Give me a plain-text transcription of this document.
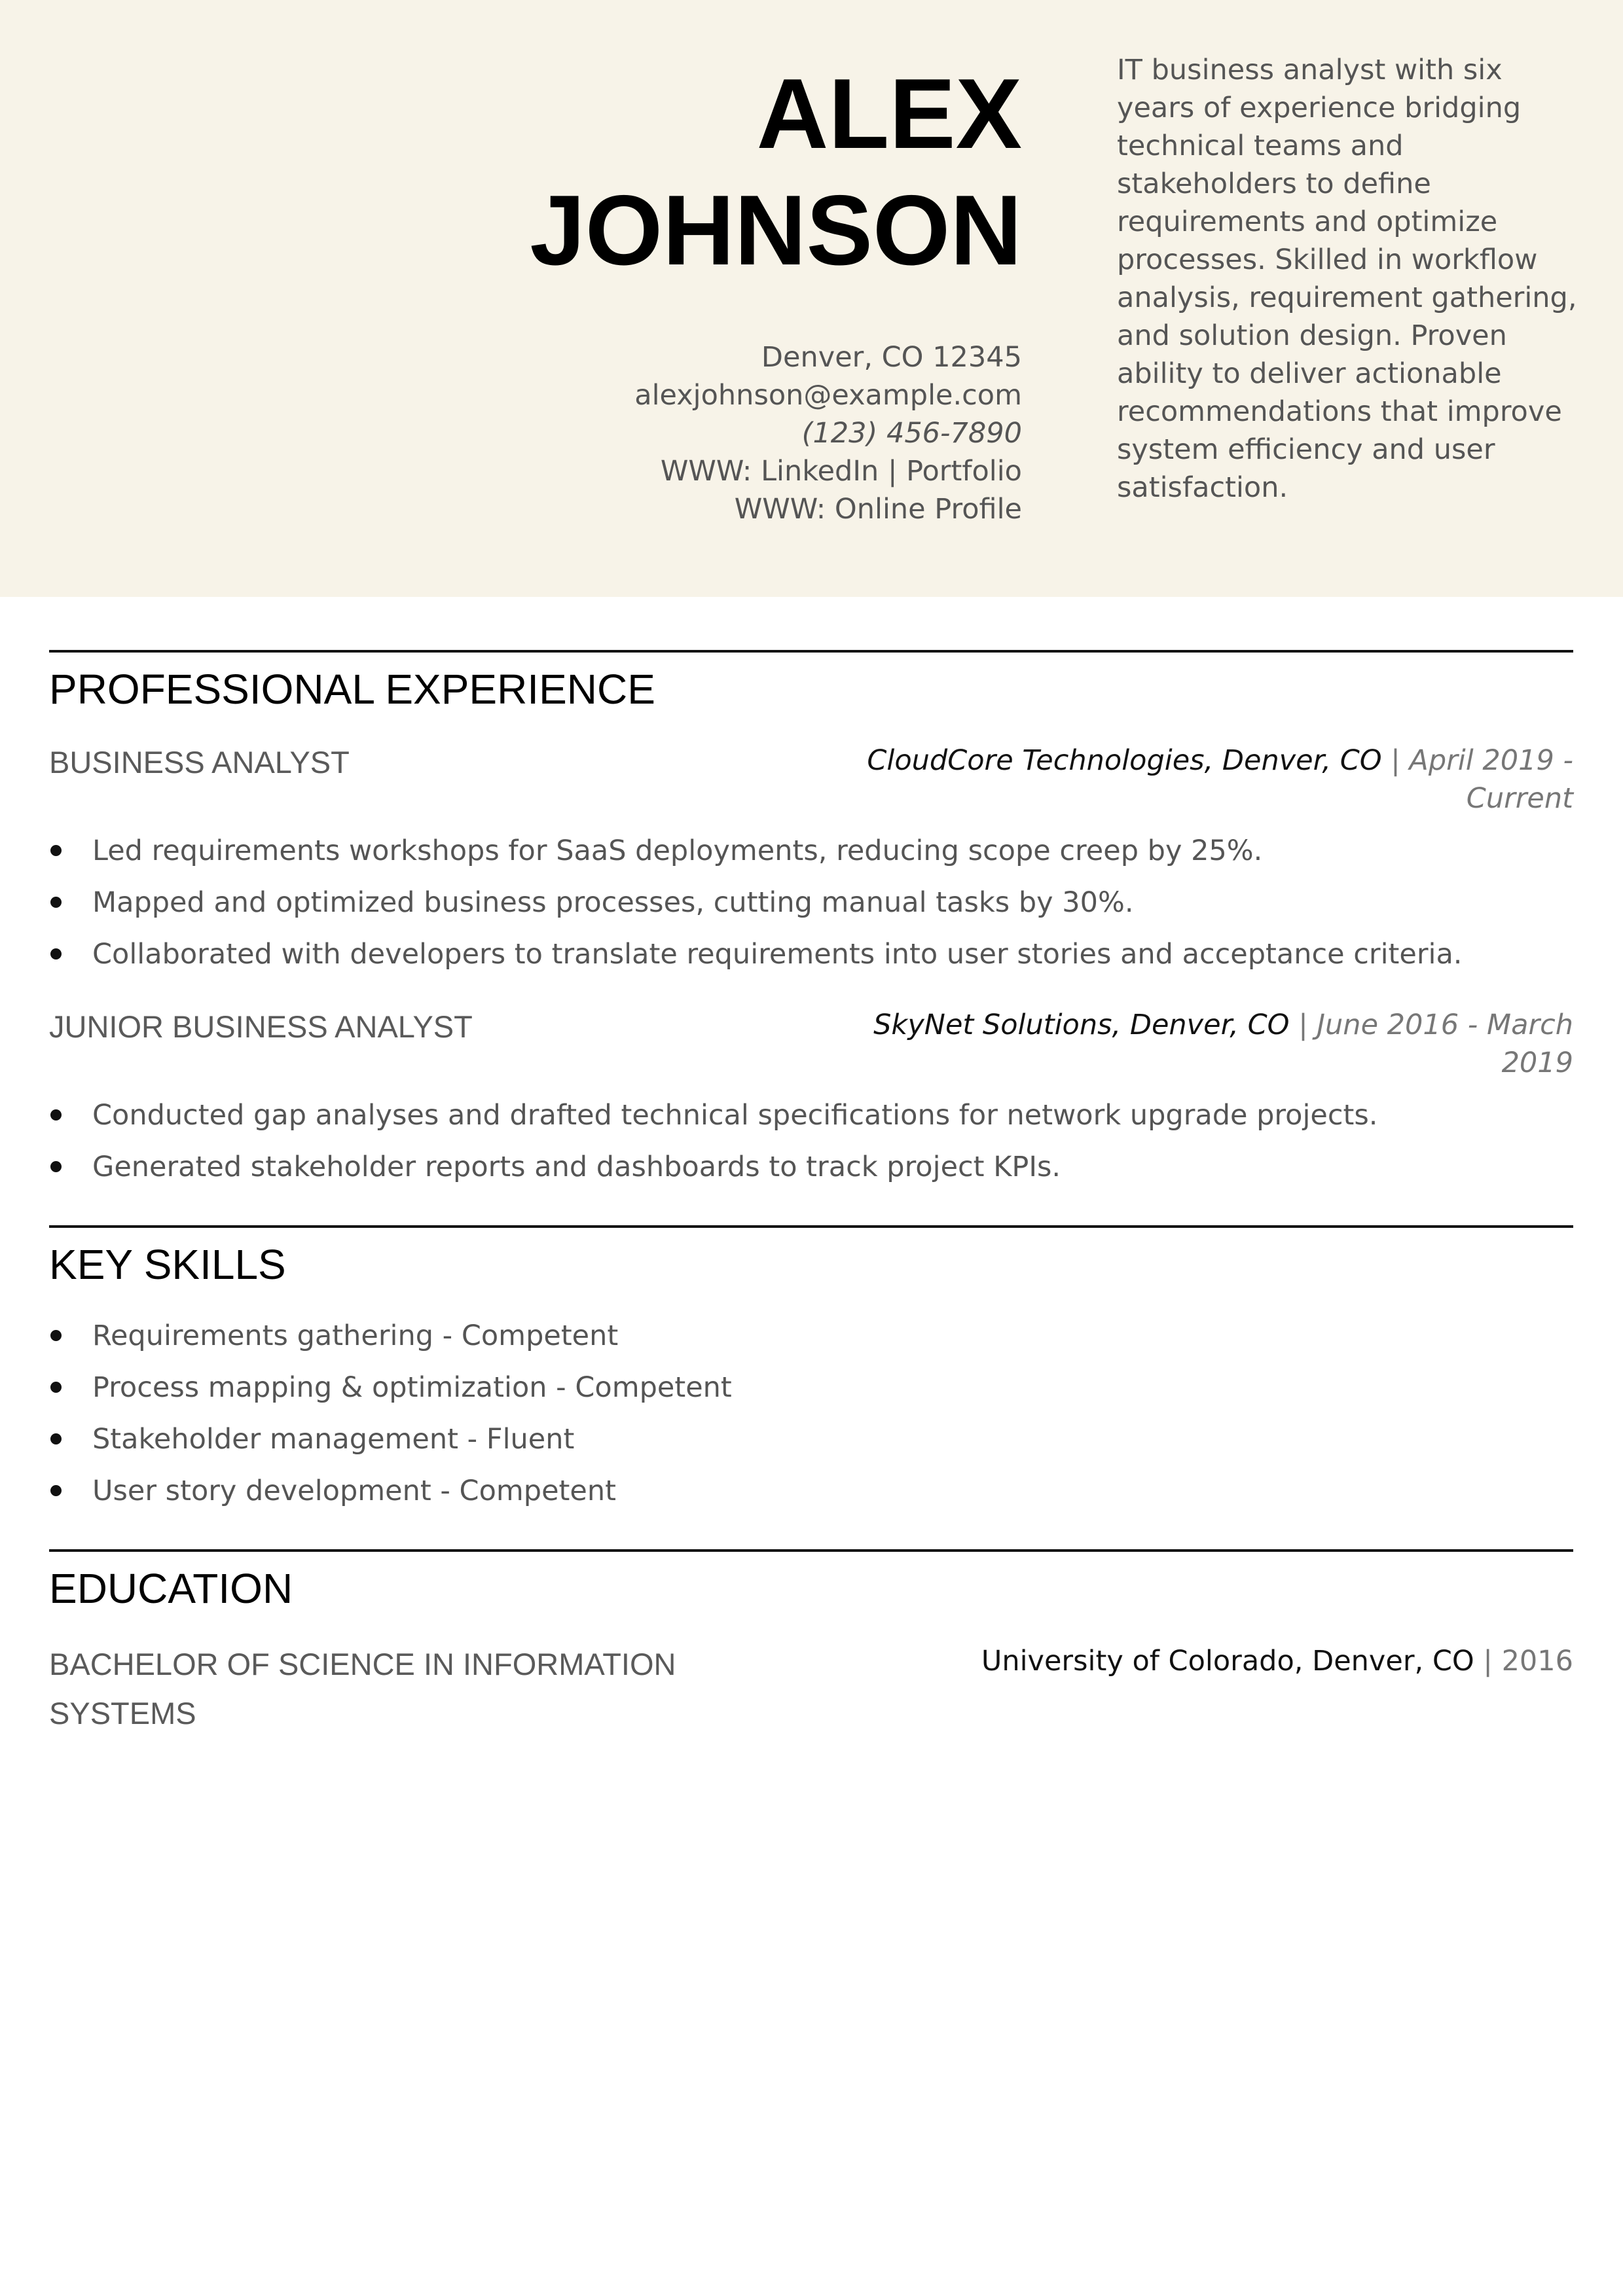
ALEX
JOHNSON
Denver, CO 12345
alexjohnson@example.com
(123) 456-7890
WWW: LinkedIn | Portfolio
WWW: Online Profile
IT business analyst with six years of experience bridging technical teams and stakeholders to define requirements and optimize processes. Skilled in workflow analysis, requirement gathering, and solution design. Proven ability to deliver actionable recommendations that improve system efficiency and user satisfaction.
PROFESSIONAL EXPERIENCE
BUSINESS ANALYST	CloudCore Technologies, Denver, CO | April 2019 - Current
Led requirements workshops for SaaS deployments, reducing scope creep by 25%.
Mapped and optimized business processes, cutting manual tasks by 30%.
Collaborated with developers to translate requirements into user stories and acceptance criteria.
JUNIOR BUSINESS ANALYST	SkyNet Solutions, Denver, CO | June 2016 - March 2019
Conducted gap analyses and drafted technical specifications for network upgrade projects.
Generated stakeholder reports and dashboards to track project KPIs.
KEY SKILLS
Requirements gathering - Competent
Process mapping & optimization - Competent
Stakeholder management - Fluent
User story development - Competent
EDUCATION
BACHELOR OF SCIENCE IN INFORMATION SYSTEMS
University of Colorado, Denver, CO | 2016
